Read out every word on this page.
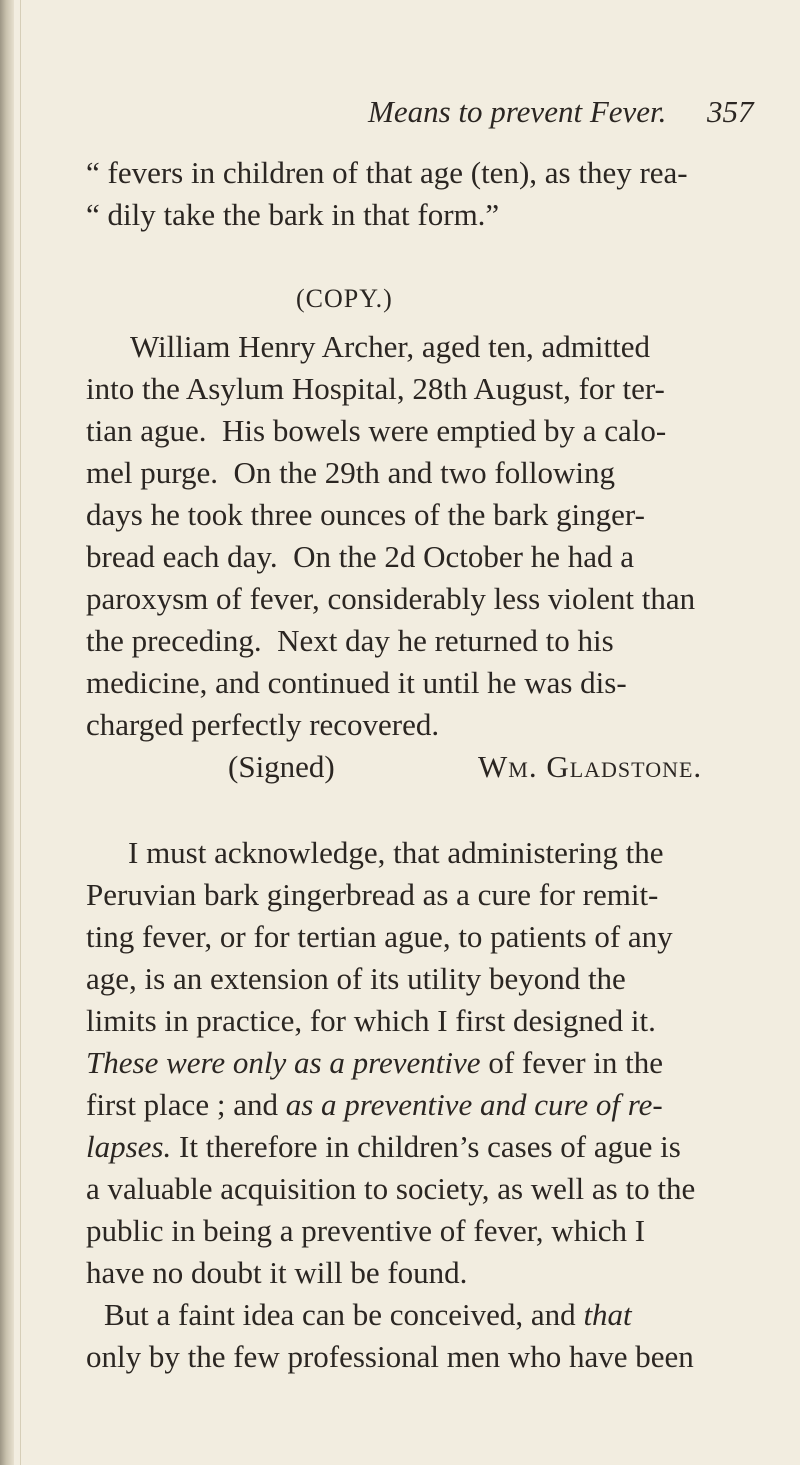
Means to prevent Fever. 357
“ fevers in children of that age (ten), as they rea-
“ dily take the bark in that form.”
(COPY.)
William Henry Archer, aged ten, admitted
into the Asylum Hospital, 28th August, for ter-
tian ague.  His bowels were emptied by a calo-
mel purge.  On the 29th and two following
days he took three ounces of the bark ginger-
bread each day.  On the 2d October he had a
paroxysm of fever, considerably less violent than
the preceding.  Next day he returned to his
medicine, and continued it until he was dis-
charged perfectly recovered.
(Signed)	Wm. Gladstone.
I must acknowledge, that administering the
Peruvian bark gingerbread as a cure for remit-
ting fever, or for tertian ague, to patients of any
age, is an extension of its utility beyond the
limits in practice, for which I first designed it.
These were only as a preventive of fever in the
first place ; and as a preventive and cure of re-
lapses. It therefore in children’s cases of ague is
a valuable acquisition to society, as well as to the
public in being a preventive of fever, which I
have no doubt it will be found.
But a faint idea can be conceived, and that
only by the few professional men who have been
